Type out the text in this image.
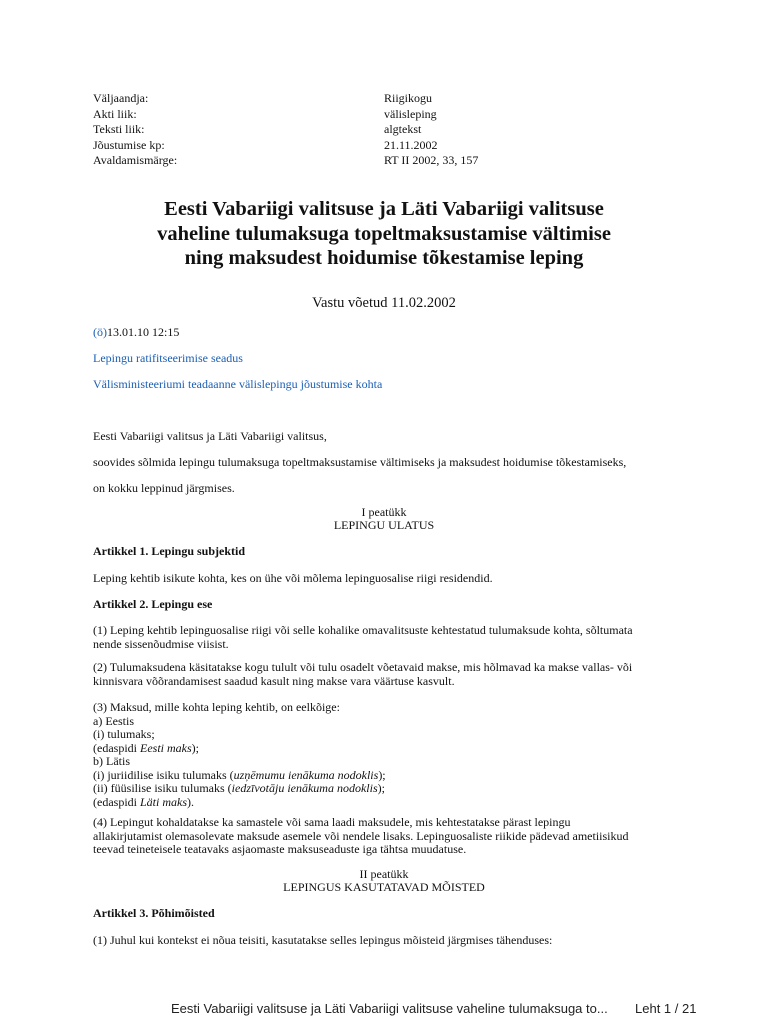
Väljaandja:	Riigikogu
Akti liik:	välisleping
Teksti liik:	algtekst
Jõustumise kp:	21.11.2002
Avaldamismärge:	RT II 2002, 33, 157
Eesti Vabariigi valitsuse ja Läti Vabariigi valitsuse
vaheline tulumaksuga topeltmaksustamise vältimise
ning maksudest hoidumise tõkestamise leping
Vastu võetud 11.02.2002
(ö)13.01.10 12:15
Lepingu ratifitseerimise seadus
Välisministeeriumi teadaanne välislepingu jõustumise kohta
Eesti Vabariigi valitsus ja Läti Vabariigi valitsus,
soovides sõlmida lepingu tulumaksuga topeltmaksustamise vältimiseks ja maksudest hoidumise tõkestamiseks,
on kokku leppinud järgmises.
I peatükk
LEPINGU ULATUS
Artikkel 1. Lepingu subjektid
Leping kehtib isikute kohta, kes on ühe või mõlema lepinguosalise riigi residendid.
Artikkel 2. Lepingu ese
(1) Leping kehtib lepinguosalise riigi või selle kohalike omavalitsuste kehtestatud tulumaksude kohta, sõltumata
nende sissenõudmise viisist.
(2) Tulumaksudena käsitatakse kogu tulult või tulu osadelt võetavaid makse, mis hõlmavad ka makse vallas- või
kinnisvara võõrandamisest saadud kasult ning makse vara väärtuse kasvult.
(3) Maksud, mille kohta leping kehtib, on eelkõige:
a) Eestis
(i) tulumaks;
(edaspidi Eesti maks);
b) Lätis
(i) juriidilise isiku tulumaks (uzņēmumu ienākuma nodoklis);
(ii) füüsilise isiku tulumaks (iedzīvotāju ienākuma nodoklis);
(edaspidi Läti maks).
(4) Lepingut kohaldatakse ka samastele või sama laadi maksudele, mis kehtestatakse pärast lepingu
allakirjutamist olemasolevate maksude asemele või nendele lisaks. Lepinguosaliste riikide pädevad ametiisikud
teevad teineteisele teatavaks asjaomaste maksuseaduste iga tähtsa muudatuse.
II peatükk
LEPINGUS KASUTATAVAD MÕISTED
Artikkel 3. Põhimõisted
(1) Juhul kui kontekst ei nõua teisiti, kasutatakse selles lepingus mõisteid järgmises tähenduses:
Eesti Vabariigi valitsuse ja Läti Vabariigi valitsuse vaheline tulumaksuga to... Leht 1 / 21
